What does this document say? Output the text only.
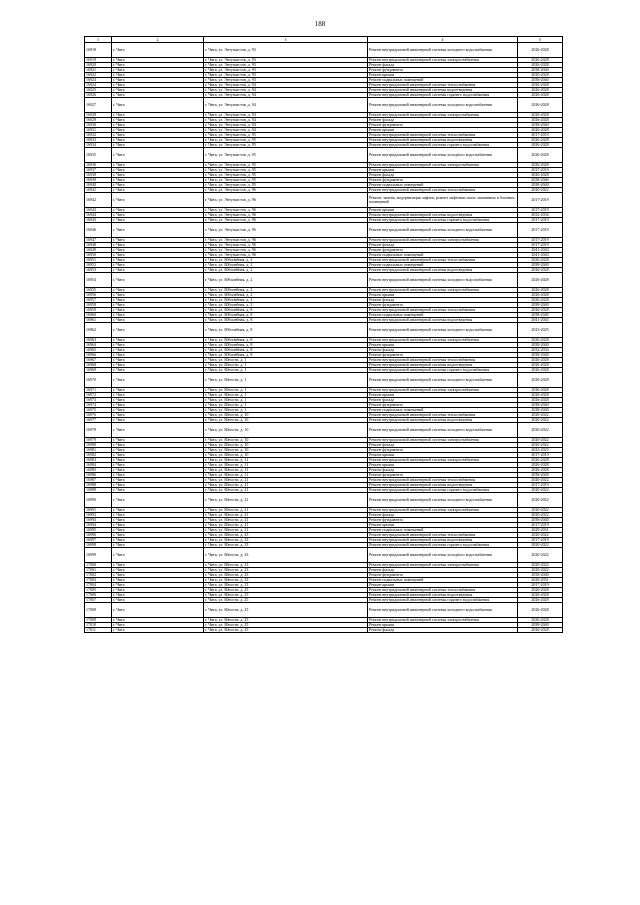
188
1	2	3	4	5
16918	г. Чита	г. Чита, ул. Энтузиастов, д. 93	Ремонт внутридомовой инженерной системы холодного водоснабжения	2026-2028
16919	г. Чита	г. Чита, ул. Энтузиастов, д. 93	Ремонт внутридомовой инженерной системы электроснабжения	2026-2028
16920	г. Чита	г. Чита, ул. Энтузиастов, д. 93	Ремонт фасада	2026-2028
16921	г. Чита	г. Чита, ул. Энтузиастов, д. 93	Ремонт фундамента	2038-2040
16922	г. Чита	г. Чита, ул. Энтузиастов, д. 93	Ремонт крыши	2020-2028
16923	г. Чита	г. Чита, ул. Энтузиастов, д. 93	Ремонт подвальных помещений	2038-2040
16924	г. Чита	г. Чита, ул. Энтузиастов, д. 94	Ремонт внутридомовой инженерной системы теплоснабжения	2026-2028
16925	г. Чита	г. Чита, ул. Энтузиастов, д. 94	Ремонт внутридомовой инженерной системы водоотведения	2026-2028
16926	г. Чита	г. Чита, ул. Энтузиастов, д. 94	Ремонт внутридомовой инженерной системы горячего водоснабжения	2026-2028
16927	г. Чита	г. Чита, ул. Энтузиастов, д. 94	Ремонт внутридомовой инженерной системы холодного водоснабжения	2026-2028
16928	г. Чита	г. Чита, ул. Энтузиастов, д. 94	Ремонт внутридомовой инженерной системы электроснабжения	2026-2028
16929	г. Чита	г. Чита, ул. Энтузиастов, д. 94	Ремонт фасада	2026-2028
16930	г. Чита	г. Чита, ул. Энтузиастов, д. 94	Ремонт фундамента	2038-2040
16931	г. Чита	г. Чита, ул. Энтузиастов, д. 94	Ремонт крыши	2026-2028
16932	г. Чита	г. Чита, ул. Энтузиастов, д. 95	Ремонт внутридомовой инженерной системы теплоснабжения	2017-2019
16933	г. Чита	г. Чита, ул. Энтузиастов, д. 95	Ремонт внутридомовой инженерной системы водоотведения	2026-2028
16934	г. Чита	г. Чита, ул. Энтузиастов, д. 95	Ремонт внутридомовой инженерной системы горячего водоснабжения	2026-2028
16935	г. Чита	г. Чита, ул. Энтузиастов, д. 95	Ремонт внутридомовой инженерной системы холодного водоснабжения	2026-2028
16936	г. Чита	г. Чита, ул. Энтузиастов, д. 95	Ремонт внутридомовой инженерной системы электроснабжения	2026-2028
16937	г. Чита	г. Чита, ул. Энтузиастов, д. 95	Ремонт крыши	2017-2019
16938	г. Чита	г. Чита, ул. Энтузиастов, д. 95	Ремонт фасада	2026-2028
16939	г. Чита	г. Чита, ул. Энтузиастов, д. 95	Ремонт фундамента	2038-2040
16940	г. Чита	г. Чита, ул. Энтузиастов, д. 95	Ремонт подвальных помещений	2038-2040
16941	г. Чита	г. Чита, ул. Энтузиастов, д. 96	Ремонт внутридомовой инженерной системы теплоснабжения	2020-2022
16942	г. Чита	г. Чита, ул. Энтузиастов, д. 96	Ремонт, замена, модернизация лифтов, ремонт лифтовых шахт, машинных и блочных помещений	2017-2019
16943	г. Чита	г. Чита, ул. Энтузиастов, д. 96	Ремонт крыши	2017-2019
16944	г. Чита	г. Чита, ул. Энтузиастов, д. 96	Ремонт внутридомовой инженерной системы водоотведения	2032-2034
16945	г. Чита	г. Чита, ул. Энтузиастов, д. 96	Ремонт внутридомовой инженерной системы горячего водоснабжения	2017-2019
16946	г. Чита	г. Чита, ул. Энтузиастов, д. 96	Ремонт внутридомовой инженерной системы холодного водоснабжения	2017-2019
16947	г. Чита	г. Чита, ул. Энтузиастов, д. 96	Ремонт внутридомовой инженерной системы электроснабжения	2017-2019
16948	г. Чита	г. Чита, ул. Энтузиастов, д. 96	Ремонт фасада	2017-2019
16949	г. Чита	г. Чита, ул. Энтузиастов, д. 96	Ремонт фундамента	2041-2043
16950	г. Чита	г. Чита, ул. Энтузиастов, д. 96	Ремонт подвальных помещений	2041-2043
16951	г. Чита	г. Чита, ул. Юбилейная, д. 2	Ремонт внутридомовой инженерной системы теплоснабжения	2026-2028
16952	г. Чита	г. Чита, ул. Юбилейная, д. 2	Ремонт подвальных помещений	2038-2040
16953	г. Чита	г. Чита, ул. Юбилейная, д. 2	Ремонт внутридомовой инженерной системы водоотведения	2026-2028
16954	г. Чита	г. Чита, ул. Юбилейная, д. 2	Ремонт внутридомовой инженерной системы холодного водоснабжения	2026-2028
16955	г. Чита	г. Чита, ул. Юбилейная, д. 2	Ремонт внутридомовой инженерной системы электроснабжения	2026-2028
16956	г. Чита	г. Чита, ул. Юбилейная, д. 2	Ремонт крыши	2026-2028
16957	г. Чита	г. Чита, ул. Юбилейная, д. 2	Ремонт фасада	2026-2028
16958	г. Чита	г. Чита, ул. Юбилейная, д. 2	Ремонт фундамента	2038-2040
16959	г. Чита	г. Чита, ул. Юбилейная, д. 8	Ремонт внутридомовой инженерной системы теплоснабжения	2026-2028
16960	г. Чита	г. Чита, ул. Юбилейная, д. 8	Ремонт подвальных помещений	2038-2040
16961	г. Чита	г. Чита, ул. Юбилейная, д. 8	Ремонт внутридомовой инженерной системы водоотведения	2041-2043
16962	г. Чита	г. Чита, ул. Юбилейная, д. 8	Ремонт внутридомовой инженерной системы холодного водоснабжения	2023-2025
16963	г. Чита	г. Чита, ул. Юбилейная, д. 8	Ремонт внутридомовой инженерной системы электроснабжения	2026-2028
16964	г. Чита	г. Чита, ул. Юбилейная, д. 8	Ремонт крыши	2038-2040
16965	г. Чита	г. Чита, ул. Юбилейная, д. 8	Ремонт фасада	2032-2034
16966	г. Чита	г. Чита, ул. Юбилейная, д. 8	Ремонт фундамента	2038-2040
16967	г. Чита	г. Чита, ул. Юности, д. 1	Ремонт внутридомовой инженерной системы теплоснабжения	2026-2028
16968	г. Чита	г. Чита, ул. Юности, д. 1	Ремонт внутридомовой инженерной системы водоотведения	2026-2028
16969	г. Чита	г. Чита, ул. Юности, д. 1	Ремонт внутридомовой инженерной системы горячего водоснабжения	2026-2028
16970	г. Чита	г. Чита, ул. Юности, д. 1	Ремонт внутридомовой инженерной системы холодного водоснабжения	2026-2028
16971	г. Чита	г. Чита, ул. Юности, д. 1	Ремонт внутридомовой инженерной системы электроснабжения	2026-2028
16972	г. Чита	г. Чита, ул. Юности, д. 1	Ремонт крыши	2026-2028
16973	г. Чита	г. Чита, ул. Юности, д. 1	Ремонт фасада	2026-2028
16974	г. Чита	г. Чита, ул. Юности, д. 1	Ремонт фундамента	2038-2040
16975	г. Чита	г. Чита, ул. Юности, д. 1	Ремонт подвальных помещений	2038-2040
16976	г. Чита	г. Чита, ул. Юности, д. 10	Ремонт внутридомовой инженерной системы теплоснабжения	2020-2022
16977	г. Чита	г. Чита, ул. Юности, д. 10	Ремонт внутридомовой инженерной системы водоотведения	2020-2022
16978	г. Чита	г. Чита, ул. Юности, д. 10	Ремонт внутридомовой инженерной системы холодного водоснабжения	2020-2022
16979	г. Чита	г. Чита, ул. Юности, д. 10	Ремонт внутридомовой инженерной системы электроснабжения	2020-2022
16980	г. Чита	г. Чита, ул. Юности, д. 10	Ремонт фасада	2020-2022
16981	г. Чита	г. Чита, ул. Юности, д. 10	Ремонт фундамента	2023-2025
16982	г. Чита	г. Чита, ул. Юности, д. 10	Ремонт крыши	2017-2019
16983	г. Чита	г. Чита, ул. Юности, д. 11	Ремонт внутридомовой инженерной системы электроснабжения	2026-2028
16984	г. Чита	г. Чита, ул. Юности, д. 11	Ремонт крыши	2026-2028
16985	г. Чита	г. Чита, ул. Юности, д. 11	Ремонт фасада	2026-2028
16986	г. Чита	г. Чита, ул. Юности, д. 11	Ремонт фундамента	2038-2040
16987	г. Чита	г. Чита, ул. Юности, д. 21	Ремонт внутридомовой инженерной системы теплоснабжения	2020-2022
16988	г. Чита	г. Чита, ул. Юности, д. 21	Ремонт внутридомовой инженерной системы водоотведения	2017-2019
16989	г. Чита	г. Чита, ул. Юности, д. 21	Ремонт внутридомовой инженерной системы горячего водоснабжения	2020-2022
16990	г. Чита	г. Чита, ул. Юности, д. 21	Ремонт внутридомовой инженерной системы холодного водоснабжения	2020-2022
16991	г. Чита	г. Чита, ул. Юности, д. 21	Ремонт внутридомовой инженерной системы электроснабжения	2020-2022
16992	г. Чита	г. Чита, ул. Юности, д. 21	Ремонт фасада	2020-2022
16993	г. Чита	г. Чита, ул. Юности, д. 21	Ремонт фундамента	2038-2040
16994	г. Чита	г. Чита, ул. Юности, д. 21	Ремонт крыши	2017-2019
16995	г. Чита	г. Чита, ул. Юности, д. 21	Ремонт подвальных помещений	2029-2031
16996	г. Чита	г. Чита, ул. Юности, д. 23	Ремонт внутридомовой инженерной системы теплоснабжения	2020-2022
16997	г. Чита	г. Чита, ул. Юности, д. 23	Ремонт внутридомовой инженерной системы водоотведения	2017-2019
16998	г. Чита	г. Чита, ул. Юности, д. 23	Ремонт внутридомовой инженерной системы горячего водоснабжения	2020-2022
16999	г. Чита	г. Чита, ул. Юности, д. 23	Ремонт внутридомовой инженерной системы холодного водоснабжения	2020-2022
17000	г. Чита	г. Чита, ул. Юности, д. 23	Ремонт внутридомовой инженерной системы электроснабжения	2020-2022
17001	г. Чита	г. Чита, ул. Юности, д. 23	Ремонт фасада	2020-2022
17002	г. Чита	г. Чита, ул. Юности, д. 23	Ремонт фундамента	2038-2040
17003	г. Чита	г. Чита, ул. Юности, д. 23	Ремонт подвальных помещений	2029-2031
17004	г. Чита	г. Чита, ул. Юности, д. 23	Ремонт крыши	2017-2019
17005	г. Чита	г. Чита, ул. Юности, д. 25	Ремонт внутридомовой инженерной системы теплоснабжения	2026-2028
17006	г. Чита	г. Чита, ул. Юности, д. 25	Ремонт внутридомовой инженерной системы водоотведения	2026-2028
17007	г. Чита	г. Чита, ул. Юности, д. 25	Ремонт внутридомовой инженерной системы горячего водоснабжения	2026-2028
17008	г. Чита	г. Чита, ул. Юности, д. 25	Ремонт внутридомовой инженерной системы холодного водоснабжения	2026-2028
17009	г. Чита	г. Чита, ул. Юности, д. 25	Ремонт внутридомовой инженерной системы электроснабжения	2026-2028
17010	г. Чита	г. Чита, ул. Юности, д. 25	Ремонт крыши	2038-2040
17011	г. Чита	г. Чита, ул. Юности, д. 25	Ремонт фасада	2026-2028
